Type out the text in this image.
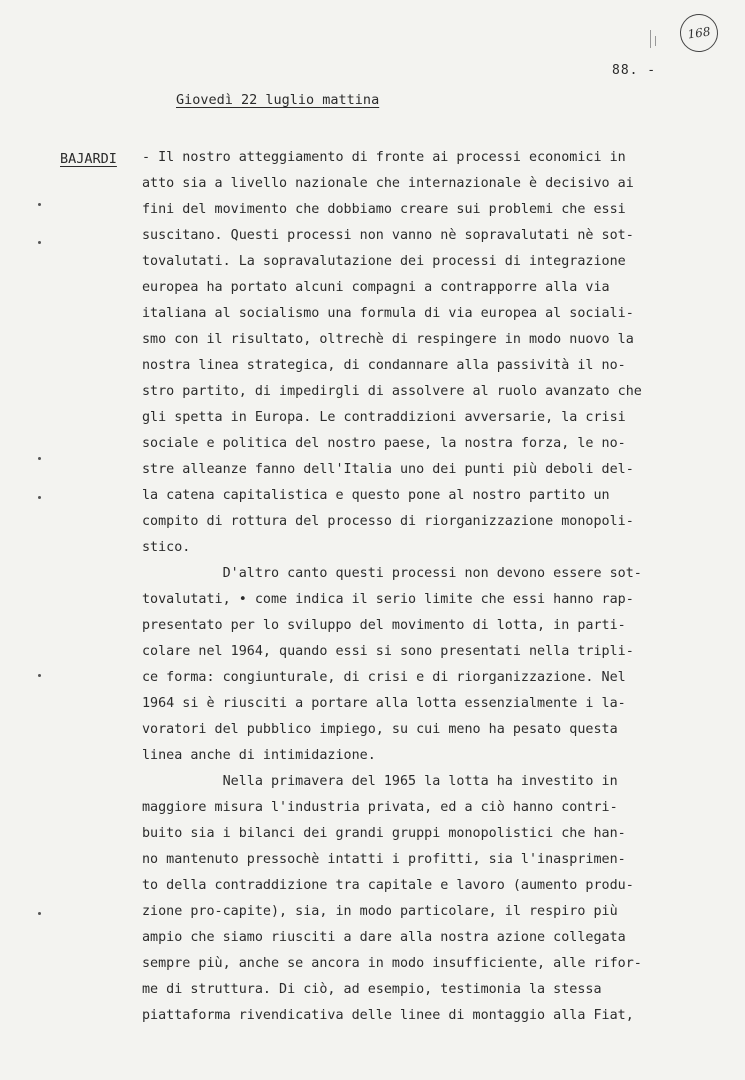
168
88. -
Giovedì 22 luglio mattina
BAJARDI - Il nostro atteggiamento di fronte ai processi economici in
atto sia a livello nazionale che internazionale è decisivo ai
fini del movimento che dobbiamo creare sui problemi che essi
suscitano. Questi processi non vanno nè sopravalutati nè sot-
tovalutati. La sopravalutazione dei processi di integrazione
europea ha portato alcuni compagni a contrapporre alla via
italiana al socialismo una formula di via europea al sociali-
smo con il risultato, oltrechè di respingere in modo nuovo la
nostra linea strategica, di condannare alla passività il no-
stro partito, di impedirgli di assolvere al ruolo avanzato che
gli spetta in Europa. Le contraddizioni avversarie, la crisi
sociale e politica del nostro paese, la nostra forza, le no-
stre alleanze fanno dell'Italia uno dei punti più deboli del-
la catena capitalistica e questo pone al nostro partito un
compito di rottura del processo di riorganizzazione monopoli-
stico.
D'altro canto questi processi non devono essere sot-
tovalutati, • come indica il serio limite che essi hanno rap-
presentato per lo sviluppo del movimento di lotta, in parti-
colare nel 1964, quando essi si sono presentati nella tripli-
ce forma: congiunturale, di crisi e di riorganizzazione. Nel
1964 si è riusciti a portare alla lotta essenzialmente i la-
voratori del pubblico impiego, su cui meno ha pesato questa
linea anche di intimidazione.
Nella primavera del 1965 la lotta ha investito in
maggiore misura l'industria privata, ed a ciò hanno contri-
buito sia i bilanci dei grandi gruppi monopolistici che han-
no mantenuto pressochè intatti i profitti, sia l'inasprimen-
to della contraddizione tra capitale e lavoro (aumento produ-
zione pro-capite), sia, in modo particolare, il respiro più
ampio che siamo riusciti a dare alla nostra azione collegata
sempre più, anche se ancora in modo insufficiente, alle rifor-
me di struttura. Di ciò, ad esempio, testimonia la stessa
piattaforma rivendicativa delle linee di montaggio alla Fiat,
